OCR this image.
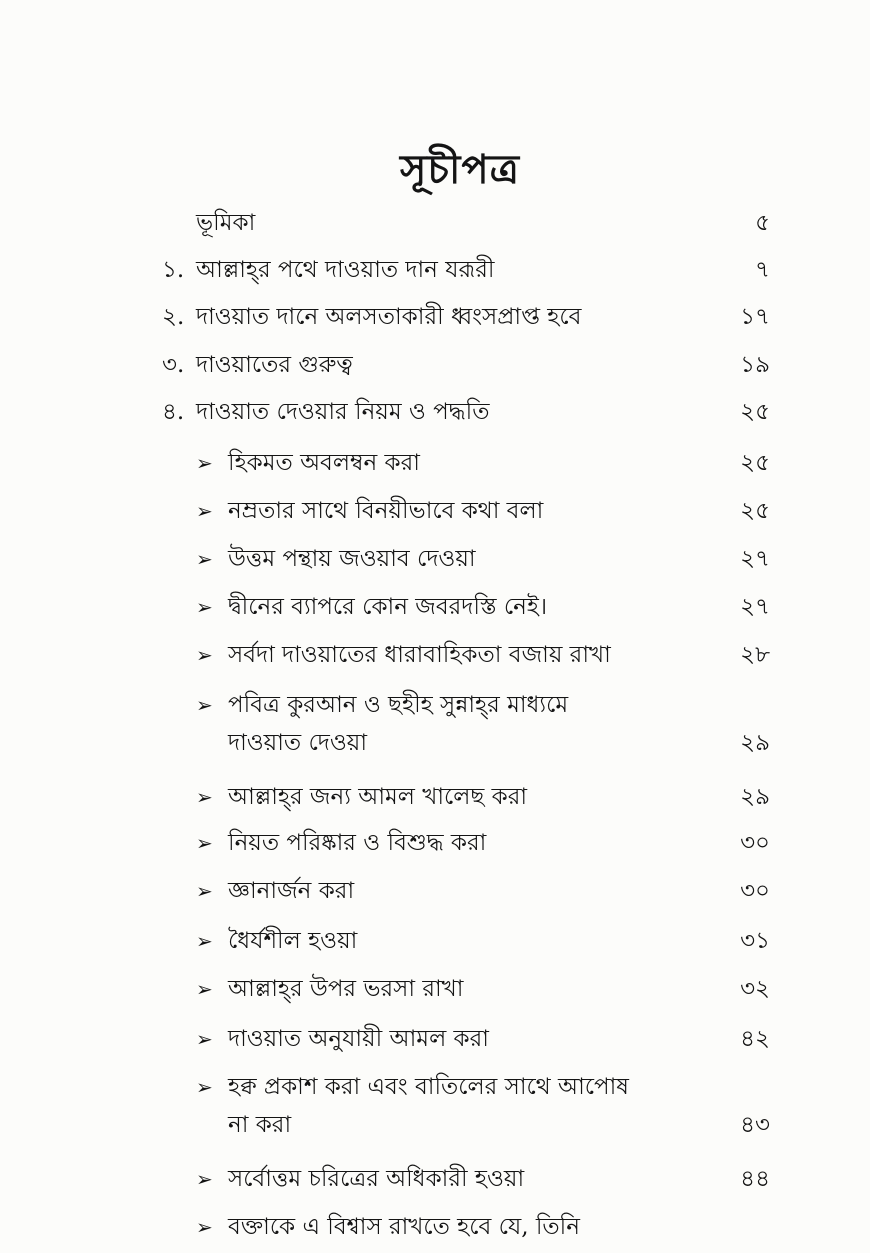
সূচীপত্র
ভূমিকা	৫
১. আল্লাহ্‌র পথে দাওয়াত দান যরূরী	৭
২. দাওয়াত দানে অলসতাকারী ধ্বংসপ্রাপ্ত হবে	১৭
৩. দাওয়াতের গুরুত্ব	১৯
৪. দাওয়াত দেওয়ার নিয়ম ও পদ্ধতি	২৫
➢ হিকমত অবলম্বন করা	২৫
➢ নম্রতার সাথে বিনয়ীভাবে কথা বলা	২৫
➢ উত্তম পন্থায় জওয়াব দেওয়া	২৭
➢ দ্বীনের ব্যাপরে কোন জবরদস্তি নেই।	২৭
➢ সর্বদা দাওয়াতের ধারাবাহিকতা বজায় রাখা	২৮
➢ পবিত্র কুরআন ও ছহীহ সুন্নাহ্‌র মাধ্যমে
দাওয়াত দেওয়া	২৯
➢ আল্লাহ্‌র জন্য আমল খালেছ করা	২৯
➢ নিয়ত পরিষ্কার ও বিশুদ্ধ করা	৩০
➢ জ্ঞানার্জন করা	৩০
➢ ধৈর্যশীল হওয়া	৩১
➢ আল্লাহ্‌র উপর ভরসা রাখা	৩২
➢ দাওয়াত অনুযায়ী আমল করা	৪২
➢ হক্ব প্রকাশ করা এবং বাতিলের সাথে আপোষ
না করা	৪৩
➢ সর্বোত্তম চরিত্রের অধিকারী হওয়া	৪৪
➢ বক্তাকে এ বিশ্বাস রাখতে হবে যে, তিনি
